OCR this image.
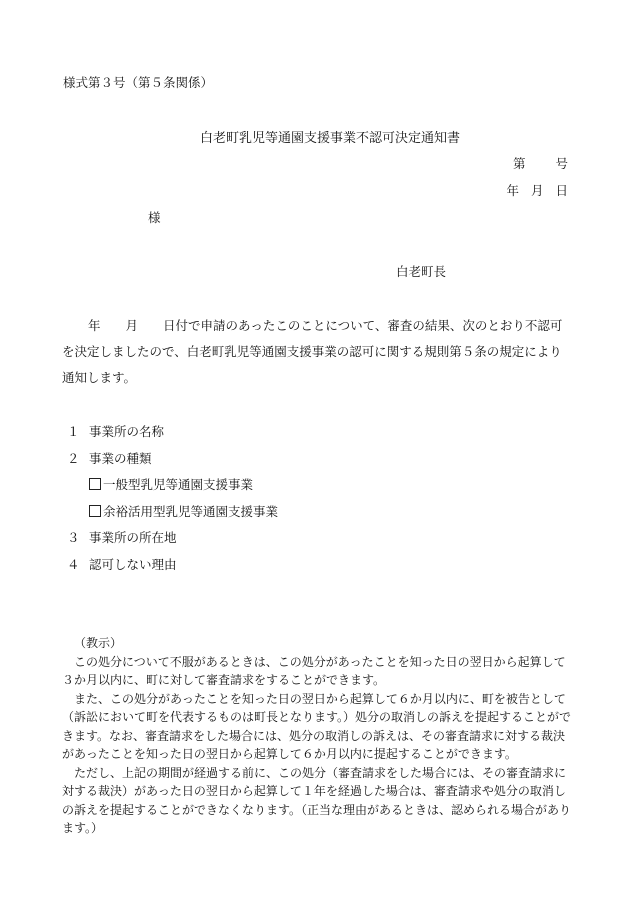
様式第３号（第５条関係）
白老町乳児等通園支援事業不認可決定通知書
第 号
年 月 日
様
白老町長
年　　月　　日付で申請のあったこのことについて、審査の結果、次のとおり不認可を決定しましたので、白老町乳児等通園支援事業の認可に関する規則第５条の規定により通知します。
１ 事業所の名称
２ 事業の種類
一般型乳児等通園支援事業
余裕活用型乳児等通園支援事業
３ 事業所の所在地
４ 認可しない理由
（教示）

この処分について不服があるときは、この処分があったことを知った日の翌日から起算して３か月以内に、町に対して審査請求をすることができます。

また、この処分があったことを知った日の翌日から起算して６か月以内に、町を被告として（訴訟において町を代表するものは町長となります。）処分の取消しの訴えを提起することができます。なお、審査請求をした場合には、処分の取消しの訴えは、その審査請求に対する裁決があったことを知った日の翌日から起算して６か月以内に提起することができます。

ただし、上記の期間が経過する前に、この処分（審査請求をした場合には、その審査請求に対する裁決）があった日の翌日から起算して１年を経過した場合は、審査請求や処分の取消しの訴えを提起することができなくなります。（正当な理由があるときは、認められる場合があります。）
